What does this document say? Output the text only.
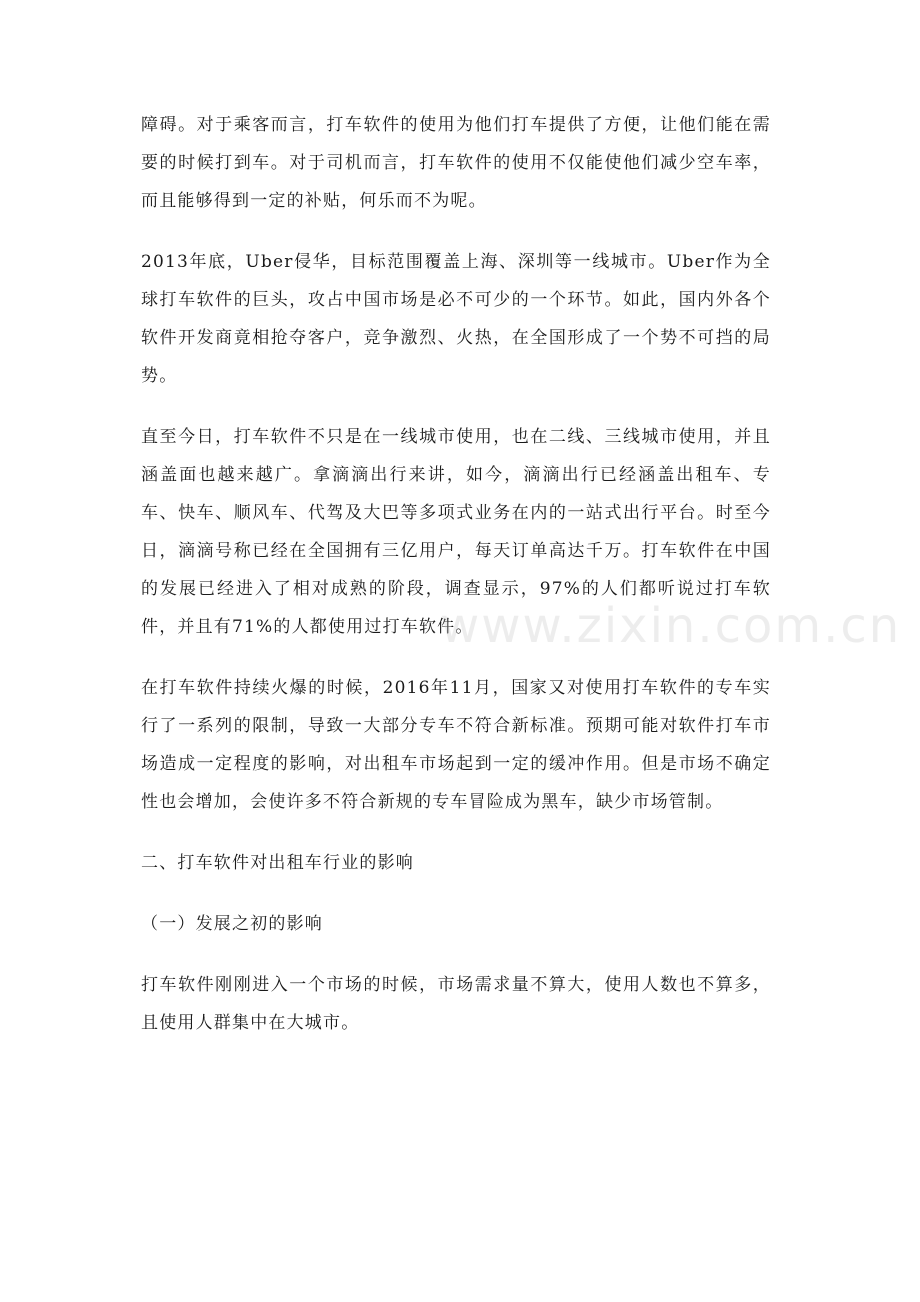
障碍。对于乘客而言，打车软件的使用为他们打车提供了方便，让他们能在需要的时候打到车。对于司机而言，打车软件的使用不仅能使他们减少空车率，而且能够得到一定的补贴，何乐而不为呢。

2013年底，Uber侵华，目标范围覆盖上海、深圳等一线城市。Uber作为全球打车软件的巨头，攻占中国市场是必不可少的一个环节。如此，国内外各个软件开发商竟相抢夺客户，竞争激烈、火热，在全国形成了一个势不可挡的局势。

直至今日，打车软件不只是在一线城市使用，也在二线、三线城市使用，并且涵盖面也越来越广。拿滴滴出行来讲，如今，滴滴出行已经涵盖出租车、专车、快车、顺风车、代驾及大巴等多项式业务在内的一站式出行平台。时至今日，滴滴号称已经在全国拥有三亿用户，每天订单高达千万。打车软件在中国的发展已经进入了相对成熟的阶段，调查显示，97%的人们都听说过打车软件，并且有71%的人都使用过打车软件。

在打车软件持续火爆的时候，2016年11月，国家又对使用打车软件的专车实行了一系列的限制，导致一大部分专车不符合新标准。预期可能对软件打车市场造成一定程度的影响，对出租车市场起到一定的缓冲作用。但是市场不确定性也会增加，会使许多不符合新规的专车冒险成为黑车，缺少市场管制。

二、打车软件对出租车行业的影响

（一）发展之初的影响

打车软件刚刚进入一个市场的时候，市场需求量不算大，使用人数也不算多，且使用人群集中在大城市。

www.zixin.com.cn
